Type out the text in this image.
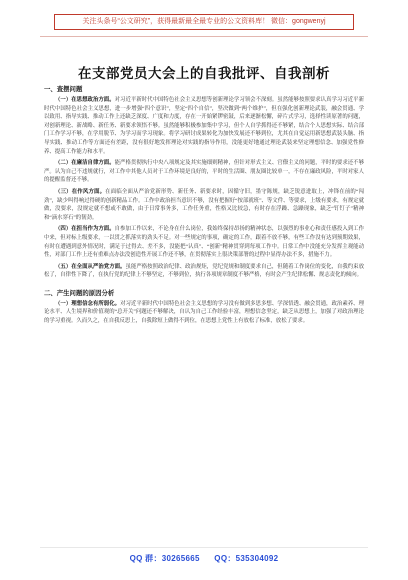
关注头条号“公文研究”，获得最新最全最专业的公文资料库！ 微信：gongwenyj
在支部党员大会上的自我批评、自我剖析
一、查摆问题

（一）在思想政治方面。对习近平新时代中国特色社会主义思想等创新理论学习领会不深刻。虽然能够按照要求认真学习习近平新时代中国特色社会主义思想，进一步增强“四个意识”，坚定“四个自信”，坚决做到“两个维护”，但在强化创新理论武装，融会贯通、学以致用、指导实践、推动工作上还缺乏深度、广度和力度，存在一开始紧锣密鼓，后来逐渐松懈，碎片式学习，选择性读原著的问题，对创新理论、新战略、新任务、新要求领悟不够。虽然能够积极参加集中学习，但个人自学抓得还不够紧，结合个人思想实际、结合部门工作学习不够，在学用脱节、为学习而学习现象。将学习研讨成果转化为加快发展还不够到位，尤其在自觉运用新思想武装头脑、指导实践、推动工作等方面还有差距，没有很好地发挥理论对实践的指导作用，没能更好地通过理论武装来坚定理想信念、加强党性修养、提高工作能力和水平。

（二）在廉洁自律方面。能严格贯彻执行中央八项规定及其实施细则精神，但针对形式主义、官僚主义的问题，平时的要求还不够严。认为自己不违规就行，对工作中其他人员对于工作环境是良好的，平时的生活圈、朋友圈比较单一，不存在廉政风险，平时对家人的提醒监督还不够。

（三）在作风方面。在面临全面从严治党新形势、新任务、新要求时，因循守旧，墨守陈规，缺乏锐意进取上，冲锋在前的“闯劲”，缺少叫得响过得硬的创新精品工作。工作中政治担当意识不够，没有把握好“按部就班”、等文件、等要求，上级有要求，有规定就做，没要求，没规定就不想或不敢做，由于日常事务多，工作任务重，性格又比较急，有时存在浮躁、急躁现象，缺乏“钉钉子”精神和“滴水穿石”的韧劲。

（四）在担当作为方面。自参加工作以来，不论身在什么岗位，我始终保持昂扬的精神状态，以强烈的事业心和责任感投入到工作中来，但对标上级要求，一以贯之抓落实的劲头不足。对一些规定的事项，确定的工作，跟着不放不够，有些工作没有达到预期效果，有时在遭遇到意外情况时，满足于过得去、差不多，没能把“认真”、“创新”精神贯穿到每项工作中。日常工作中没能充分发挥主观能动性，对部门工作上还有重难点办法没创造性开展工作还不够，在贯彻落实上很决策部署的过程中显得办法不多，措施不力。

（五）在全面从严治党方面。虽能严格按照政治纪律、政治规矩，党纪党规和制度要求自己，但随着工作岗位的变化，自我约束放松了，自律性下降了，在执行党的纪律上不够坚定，不够到位，执行各项规章制度不够严格，有时会产生纪律松懈、规志责化的倾向。

二、产生问题的原因分析

（一）理想信念有所弱化。对习近平新时代中国特色社会主义思想的学习没有做到多思多想、学深悟透、融会贯通，政治素养、理论水平、人生境界和价值观的“总开关”问题还不够解决，自认为自己工作经验丰富，理想信念坚定，缺乏从思想上，加强了对政治理论的学习重视。久而久之，在自我反思上，自我除短上做得不到位，在思想上党性上有放松了标准，放松了要求。

QQ 群：30265665 QQ：535304092
